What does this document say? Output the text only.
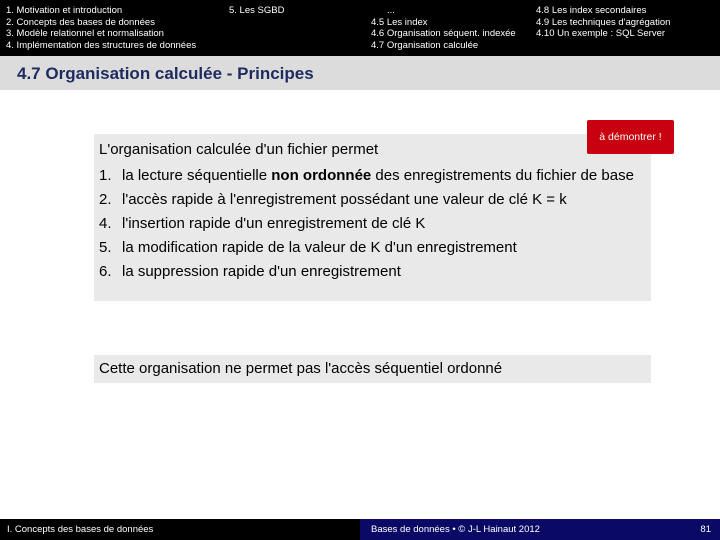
1. Motivation et introduction
2. Concepts des bases de données
3. Modèle relationnel et normalisation
4. Implémentation des structures de données
5. Les SGBD	...
4.5 Les index
4.6 Organisation séquent. indexée
4.7 Organisation calculée
4.8 Les index secondaires
4.9 Les techniques d'agrégation
4.10 Un exemple : SQL Server
4.7 Organisation calculée - Principes
L'organisation calculée d'un fichier permet
1. la lecture séquentielle non ordonnée des enregistrements du fichier de base
2. l'accès rapide à l'enregistrement possédant une valeur de clé K = k
4. l'insertion rapide d'un enregistrement de clé K
5. la modification rapide de la valeur de K d'un enregistrement
6. la suppression rapide d'un enregistrement
à démontrer !
Cette organisation ne permet pas l'accès séquentiel ordonné
I. Concepts des bases de données	Bases de données • © J-L Hainaut 2012	81
